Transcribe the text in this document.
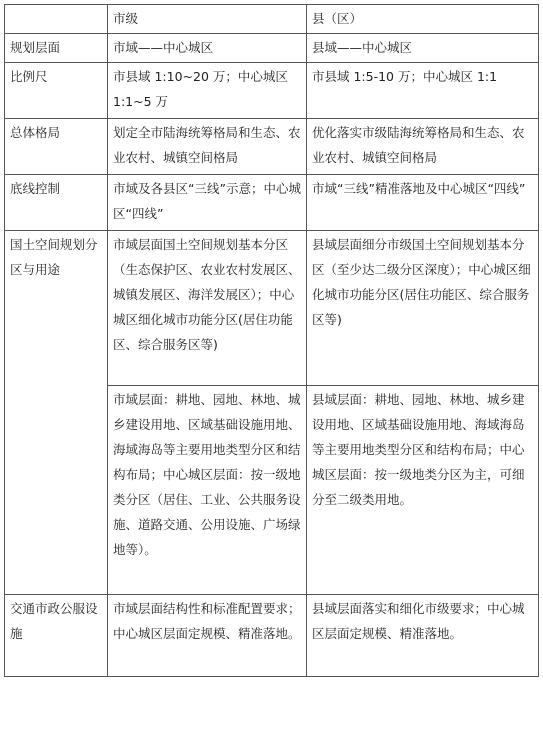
	市级	县（区）
规划层面	市域——中心城区	县域——中心城区
比例尺	市县域 1:10~20 万；中心城区 1:1~5 万	市县域 1:5-10 万；中心城区 1:1
总体格局	划定全市陆海统筹格局和生态、农业农村、城镇空间格局	优化落实市级陆海统筹格局和生态、农业农村、城镇空间格局
底线控制	市域及各县区“三线”示意；中心城区“四线”	市域“三线”精准落地及中心城区“四线”
国土空间规划分区与用途	市域层面国土空间规划基本分区（生态保护区、农业农村发展区、城镇发展区、海洋发展区）；中心城区细化城市功能分区(居住功能区、综合服务区等)	县域层面细分市级国土空间规划基本分区（至少达二级分区深度）；中心城区细化城市功能分区(居住功能区、综合服务区等)
	市域层面：耕地、园地、林地、城乡建设用地、区域基础设施用地、海域海岛等主要用地类型分区和结构布局；中心城区层面：按一级地类分区（居住、工业、公共服务设施、道路交通、公用设施、广场绿地等）。	县域层面：耕地、园地、林地、城乡建设用地、区域基础设施用地、海域海岛等主要用地类型分区和结构布局；中心城区层面：按一级地类分区为主，可细分至二级类用地。
交通市政公服设施	市域层面结构性和标准配置要求；中心城区层面定规模、精准落地。	县域层面落实和细化市级要求；中心城区层面定规模、精准落地。
